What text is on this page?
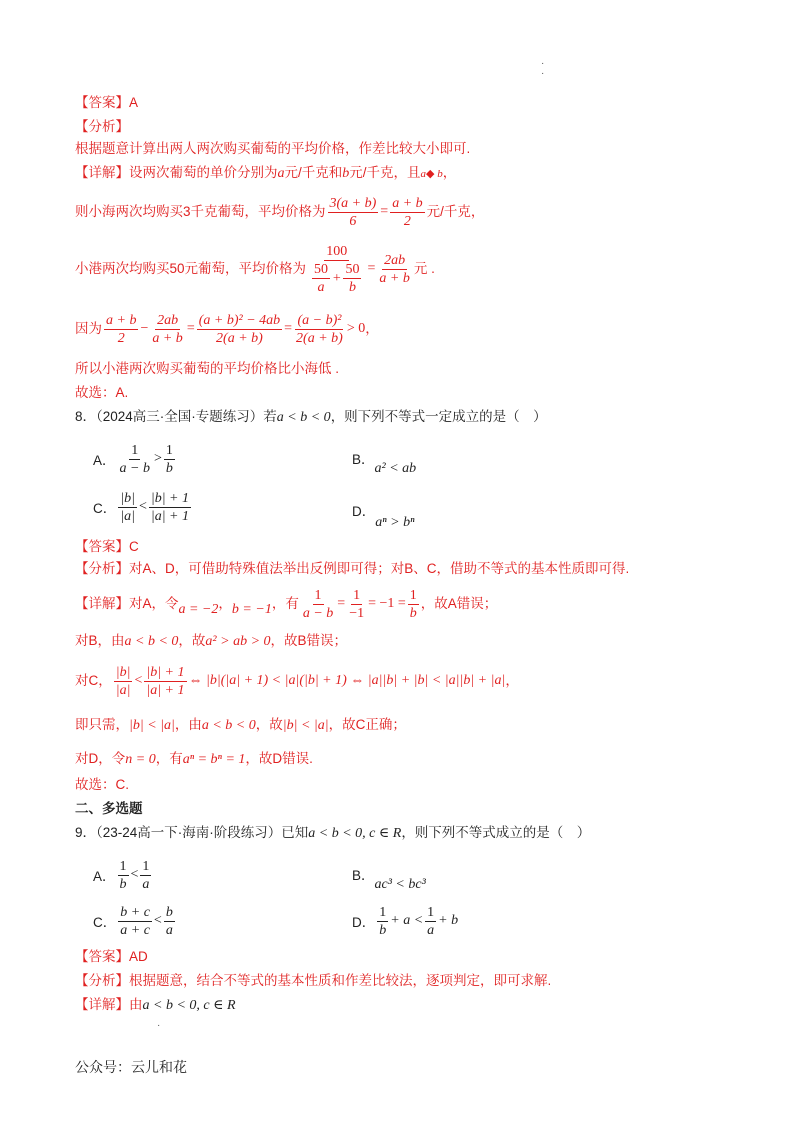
·
·
【答案】A
【分析】
根据题意计算出两人两次购买葡萄的平均价格，作差比较大小即可.
【详解】设两次葡萄的单价分别为a元/千克和b元/千克，且a◆ b，
则小海两次均购买3千克葡萄，平均价格为 $\frac{3(a + b)}{6} = \frac{a + b}{2}$ 元/千克，
小港两次均购买50元葡萄，平均价格为 $\frac{100}{\frac{50}{a} + \frac{50}{b}} = \frac{2ab}{a + b}$ 元 .
因为 $\frac{a + b}{2} - \frac{2ab}{a + b} = \frac{\text{(a + b)² − 4ab}}{2(a + b)} = \frac{\text{(a − b)²}}{2(a + b)} > 0$ ，
所以小港两次购买葡萄的平均价格比小海低 .
故选：A.
8．（2024高三·全国·专题练习）若a < b < 0，则下列不等式一定成立的是（　）
A． $\frac{1}{a - b} > \frac{1}{b}$	B．a² < ab
C． $\frac{|b|}{|a|} < \frac{|b| + 1}{|a| + 1}$	D．aⁿ > bⁿ
【答案】C
【分析】对A、D，可借助特殊值法举出反例即可得；对B、C，借助不等式的基本性质即可得.
【详解】对A，令 a = −2 ， b = −1 ，有 $\frac{1}{a - b} = \frac{1}{-1} = -1 = \frac{1}{b}$ ，故A错误；
对B，由a < b < 0，故a² > ab > 0，故B错误；
对C， $\frac{|b|}{|a|} < \frac{|b| + 1}{|a| + 1}$ ⇔ |b|(|a| + 1) < |a|(|b| + 1) ⇔ |a||b| + |b| < |a||b| + |a| ，
即只需，|b| < |a|，由a < b < 0，故|b| < |a|，故C正确；
对D，令n = 0，有aⁿ = bⁿ = 1，故D错误.
故选：C.
二、多选题
9．（23-24高一下·海南·阶段练习）已知a < b < 0, c ∈ R，则下列不等式成立的是（　）
A． $\frac{1}{b} < \frac{1}{a}$	B．ac³ < bc³
C． $\frac{b + c}{a + c} < \frac{b}{a}$	D． $\frac{1}{b} + a < \frac{1}{a} + b$
【答案】AD
【分析】根据题意，结合不等式的基本性质和作差比较法，逐项判定，即可求解.
【详解】由a < b < 0, c ∈ R
·
公众号：云儿和花
